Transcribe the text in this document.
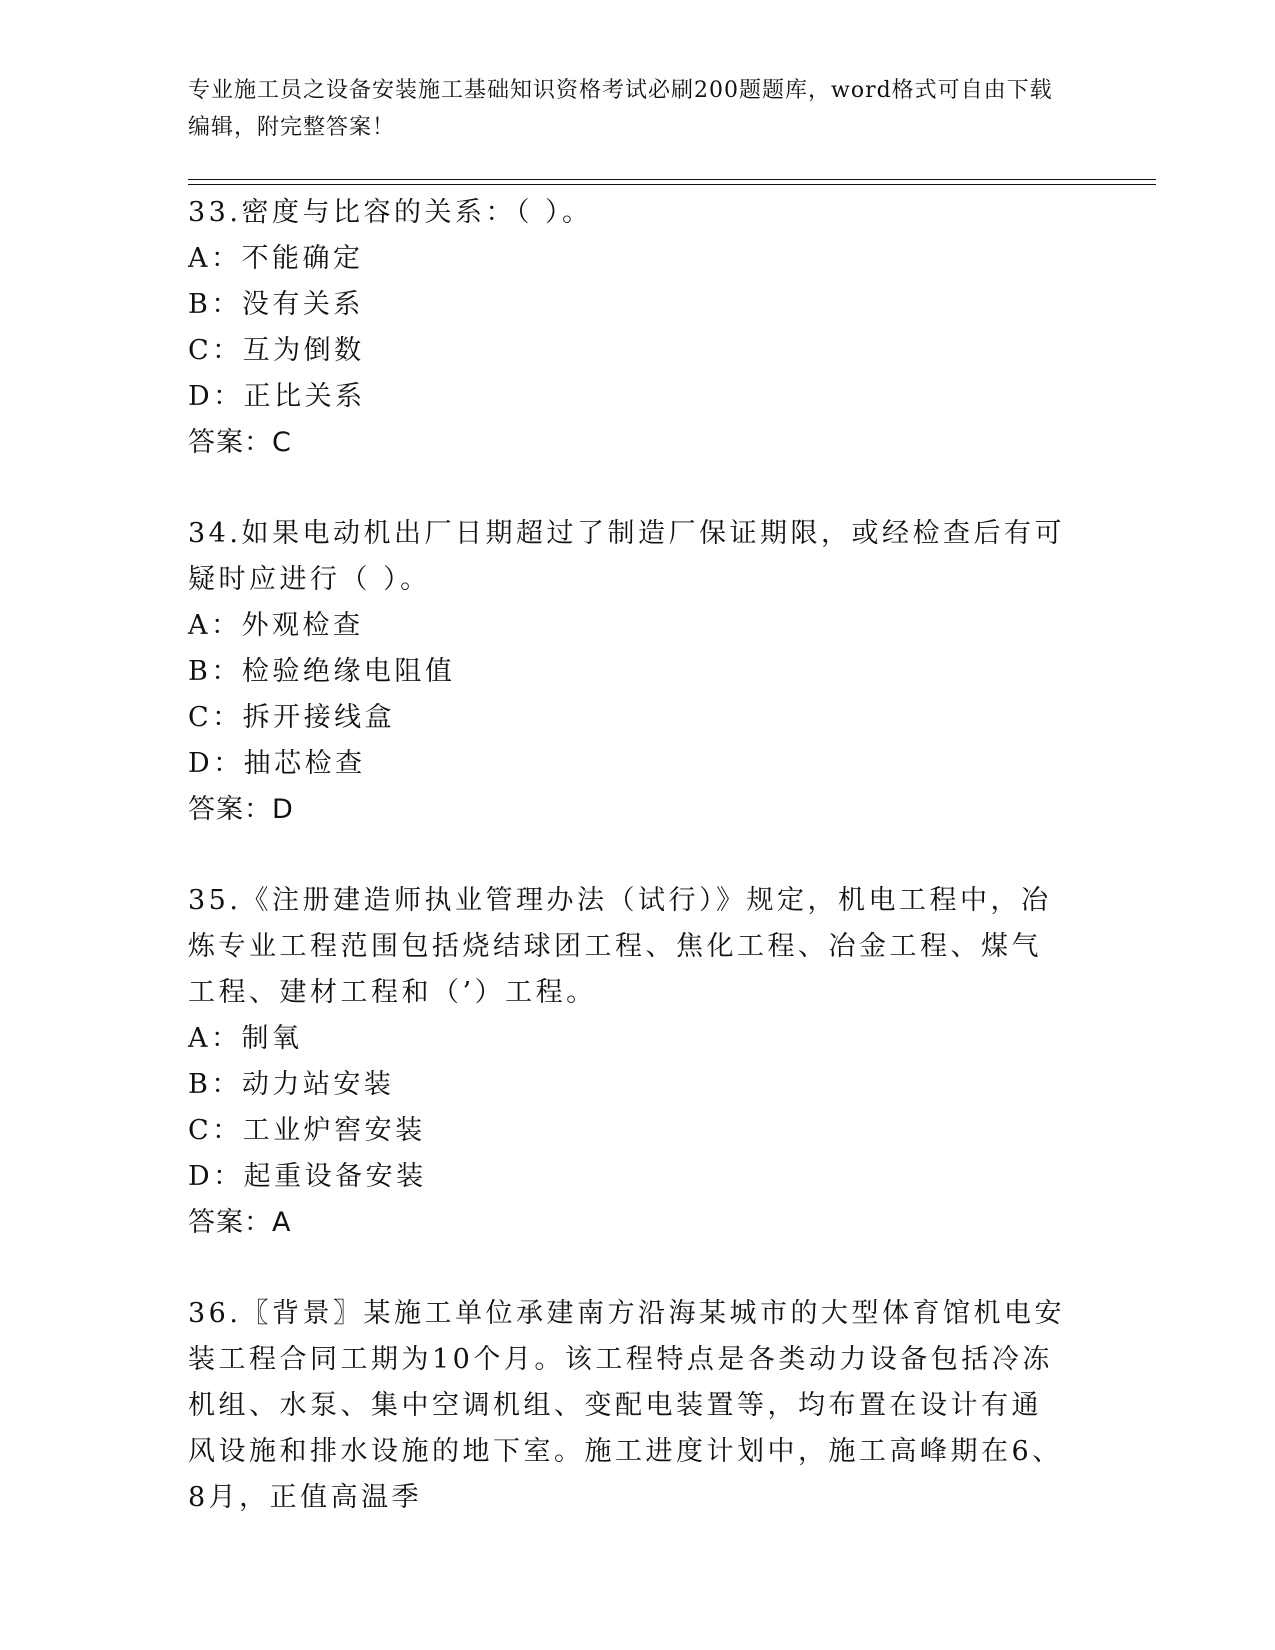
专业施工员之设备安装施工基础知识资格考试必刷200题题库，word格式可自由下载编辑，附完整答案！

33.密度与比容的关系：（ ）。

A：不能确定

B：没有关系

C：互为倒数

D：正比关系

答案：C

34.如果电动机出厂日期超过了制造厂保证期限，或经检查后有可疑时应进行（ ）。

A：外观检查

B：检验绝缘电阻值

C：拆开接线盒

D：抽芯检查

答案：D

35.《注册建造师执业管理办法（试行）》规定，机电工程中，冶炼专业工程范围包括烧结球团工程、焦化工程、冶金工程、煤气工程、建材工程和（’）工程。

A：制氧

B：动力站安装

C：工业炉窖安装

D：起重设备安装

答案：A

36.〖背景〗某施工单位承建南方沿海某城市的大型体育馆机电安装工程合同工期为10个月。该工程特点是各类动力设备包括冷冻机组、水泵、集中空调机组、变配电装置等，均布置在设计有通风设施和排水设施的地下室。施工进度计划中，施工高峰期在6、8月，正值高温季
